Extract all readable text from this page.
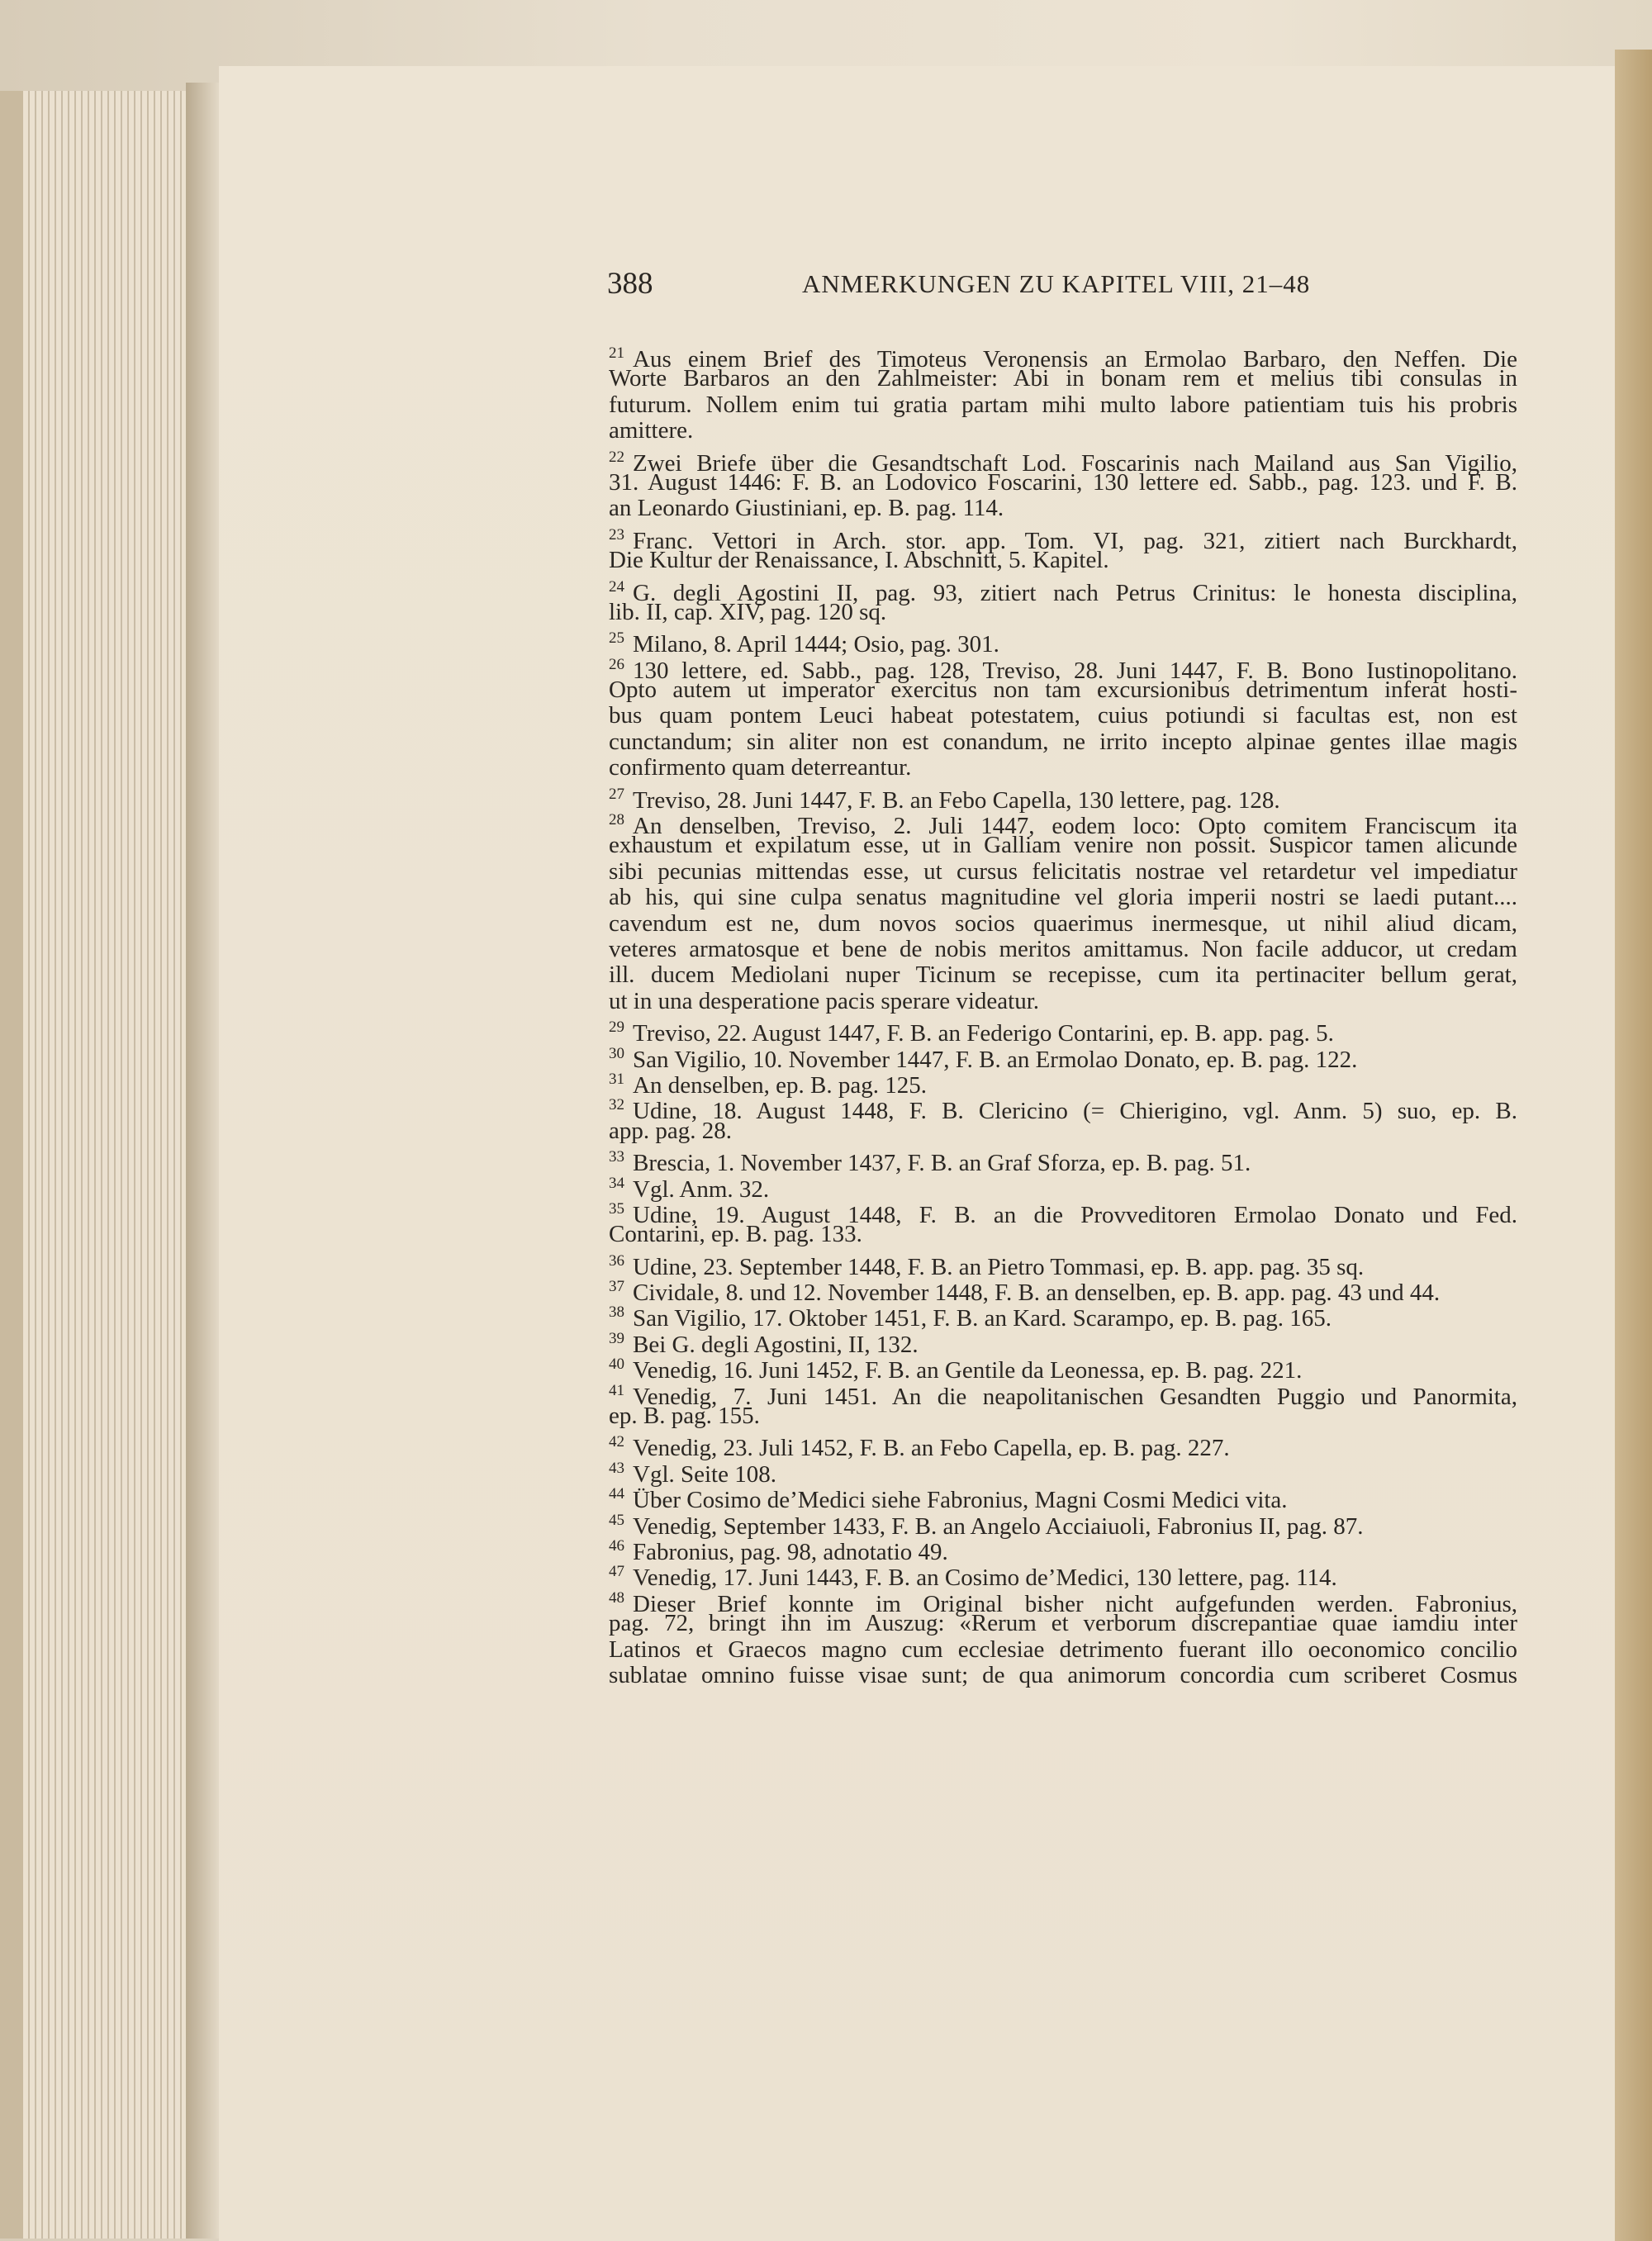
388	ANMERKUNGEN ZU KAPITEL VIII, 21–48
$^{21}$ Aus einem Brief des Timoteus Veronensis an Ermolao Barbaro, den Neffen. Die
Worte Barbaros an den Zahlmeister: Abi in bonam rem et melius tibi consulas in
futurum. Nollem enim tui gratia partam mihi multo labore patientiam tuis his probris
amittere.
$^{22}$ Zwei Briefe über die Gesandtschaft Lod. Foscarinis nach Mailand aus San Vigilio,
31. August 1446: F. B. an Lodovico Foscarini, 130 lettere ed. Sabb., pag. 123. und F. B.
an Leonardo Giustiniani, ep. B. pag. 114.
$^{23}$ Franc. Vettori in Arch. stor. app. Tom. VI, pag. 321, zitiert nach Burckhardt,
Die Kultur der Renaissance, I. Abschnitt, 5. Kapitel.
$^{24}$ G. degli Agostini II, pag. 93, zitiert nach Petrus Crinitus: le honesta disciplina,
lib. II, cap. XIV, pag. 120 sq.
$^{25}$ Milano, 8. April 1444; Osio, pag. 301.
$^{26}$ 130 lettere, ed. Sabb., pag. 128, Treviso, 28. Juni 1447, F. B. Bono Iustinopolitano.
Opto autem ut imperator exercitus non tam excursionibus detrimentum inferat hosti-
bus quam pontem Leuci habeat potestatem, cuius potiundi si facultas est, non est
cunctandum; sin aliter non est conandum, ne irrito incepto alpinae gentes illae magis
confirmento quam deterreantur.
$^{27}$ Treviso, 28. Juni 1447, F. B. an Febo Capella, 130 lettere, pag. 128.
$^{28}$ An denselben, Treviso, 2. Juli 1447, eodem loco: Opto comitem Franciscum ita
exhaustum et expilatum esse, ut in Galliam venire non possit. Suspicor tamen alicunde
sibi pecunias mittendas esse, ut cursus felicitatis nostrae vel retardetur vel impediatur
ab his, qui sine culpa senatus magnitudine vel gloria imperii nostri se laedi putant....
cavendum est ne, dum novos socios quaerimus inermesque, ut nihil aliud dicam,
veteres armatosque et bene de nobis meritos amittamus. Non facile adducor, ut credam
ill. ducem Mediolani nuper Ticinum se recepisse, cum ita pertinaciter bellum gerat,
ut in una desperatione pacis sperare videatur.
$^{29}$ Treviso, 22. August 1447, F. B. an Federigo Contarini, ep. B. app. pag. 5.
$^{30}$ San Vigilio, 10. November 1447, F. B. an Ermolao Donato, ep. B. pag. 122.
$^{31}$ An denselben, ep. B. pag. 125.
$^{32}$ Udine, 18. August 1448, F. B. Clericino (= Chierigino, vgl. Anm. 5) suo, ep. B.
app. pag. 28.
$^{33}$ Brescia, 1. November 1437, F. B. an Graf Sforza, ep. B. pag. 51.
$^{34}$ Vgl. Anm. 32.
$^{35}$ Udine, 19. August 1448, F. B. an die Provveditoren Ermolao Donato und Fed.
Contarini, ep. B. pag. 133.
$^{36}$ Udine, 23. September 1448, F. B. an Pietro Tommasi, ep. B. app. pag. 35 sq.
$^{37}$ Cividale, 8. und 12. November 1448, F. B. an denselben, ep. B. app. pag. 43 und 44.
$^{38}$ San Vigilio, 17. Oktober 1451, F. B. an Kard. Scarampo, ep. B. pag. 165.
$^{39}$ Bei G. degli Agostini, II, 132.
$^{40}$ Venedig, 16. Juni 1452, F. B. an Gentile da Leonessa, ep. B. pag. 221.
$^{41}$ Venedig, 7. Juni 1451. An die neapolitanischen Gesandten Puggio und Panormita,
ep. B. pag. 155.
$^{42}$ Venedig, 23. Juli 1452, F. B. an Febo Capella, ep. B. pag. 227.
$^{43}$ Vgl. Seite 108.
$^{44}$ Über Cosimo de’Medici siehe Fabronius, Magni Cosmi Medici vita.
$^{45}$ Venedig, September 1433, F. B. an Angelo Acciaiuoli, Fabronius II, pag. 87.
$^{46}$ Fabronius, pag. 98, adnotatio 49.
$^{47}$ Venedig, 17. Juni 1443, F. B. an Cosimo de’Medici, 130 lettere, pag. 114.
$^{48}$ Dieser Brief konnte im Original bisher nicht aufgefunden werden. Fabronius,
pag. 72, bringt ihn im Auszug: «Rerum et verborum discrepantiae quae iamdiu inter
Latinos et Graecos magno cum ecclesiae detrimento fuerant illo oeconomico concilio
sublatae omnino fuisse visae sunt; de qua animorum concordia cum scriberet Cosmus
